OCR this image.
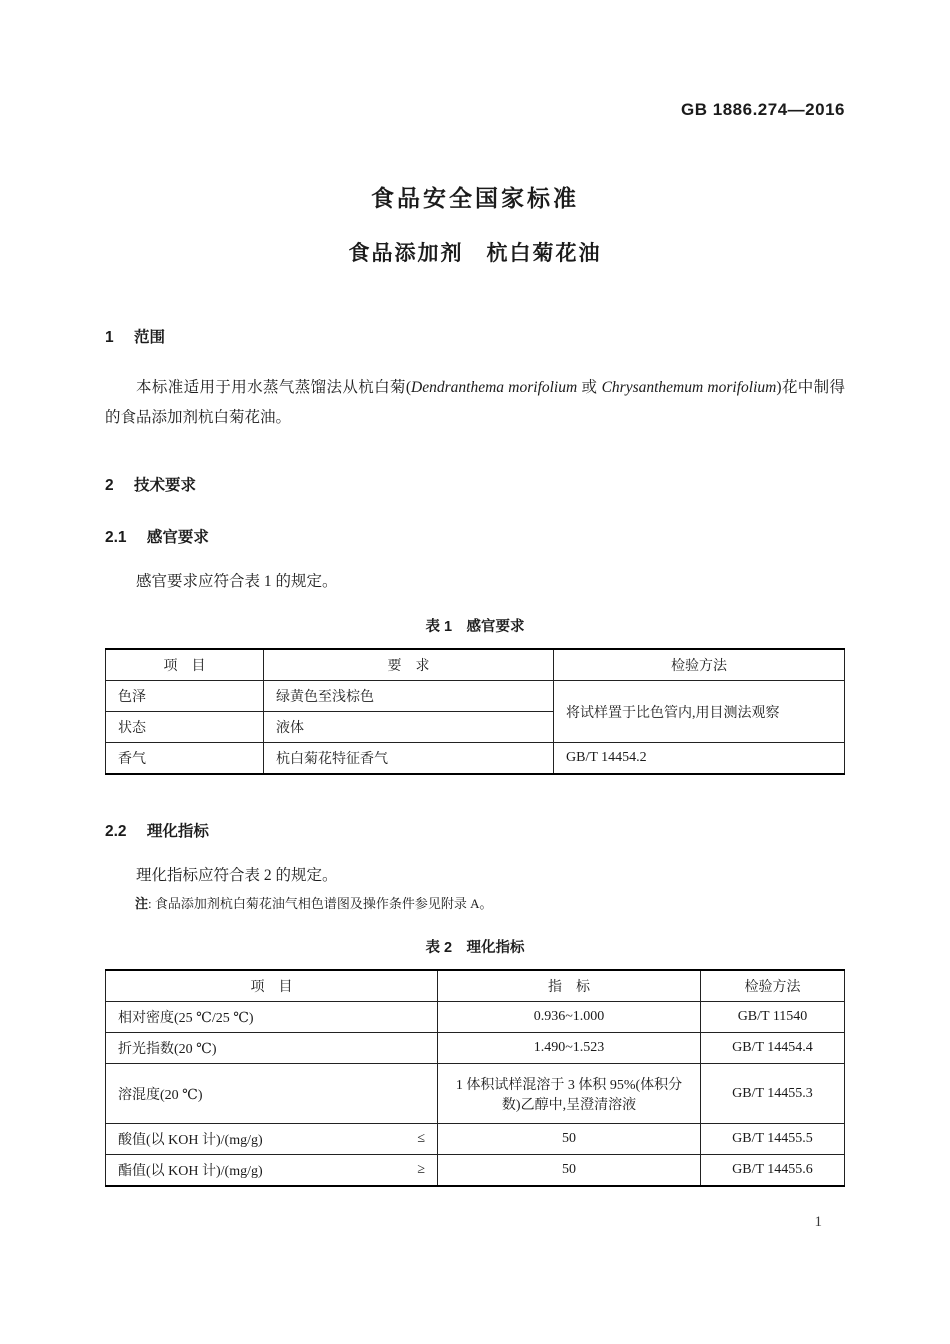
GB 1886.274—2016
食品安全国家标准
食品添加剂　杭白菊花油
1 范围

本标准适用于用水蒸气蒸馏法从杭白菊(Dendranthema morifolium 或 Chrysanthemum morifolium)花中制得的食品添加剂杭白菊花油。

2 技术要求
2.1 感官要求

感官要求应符合表 1 的规定。

表 1　感官要求
项　目	要　求	检验方法
色泽	绿黄色至浅棕色	将试样置于比色管内,用目测法观察
状态	液体	
香气	杭白菊花特征香气	GB/T 14454.2
2.2 理化指标

理化指标应符合表 2 的规定。

注: 食品添加剂杭白菊花油气相色谱图及操作条件参见附录 A。
表 2　理化指标
项　目	指　标	检验方法

相对密度(25 ℃/25 ℃)	0.936~1.000	GB/T 11540

折光指数(20 ℃)	1.490~1.523	GB/T 14454.4

溶混度(20 ℃)	1 体积试样混溶于 3 体积 95%(体积分数)乙醇中,呈澄清溶液	GB/T 14455.3

酸值(以 KOH 计)/(mg/g) ≤	50	GB/T 14455.5

酯值(以 KOH 计)/(mg/g) ≥	50	GB/T 14455.6
1
